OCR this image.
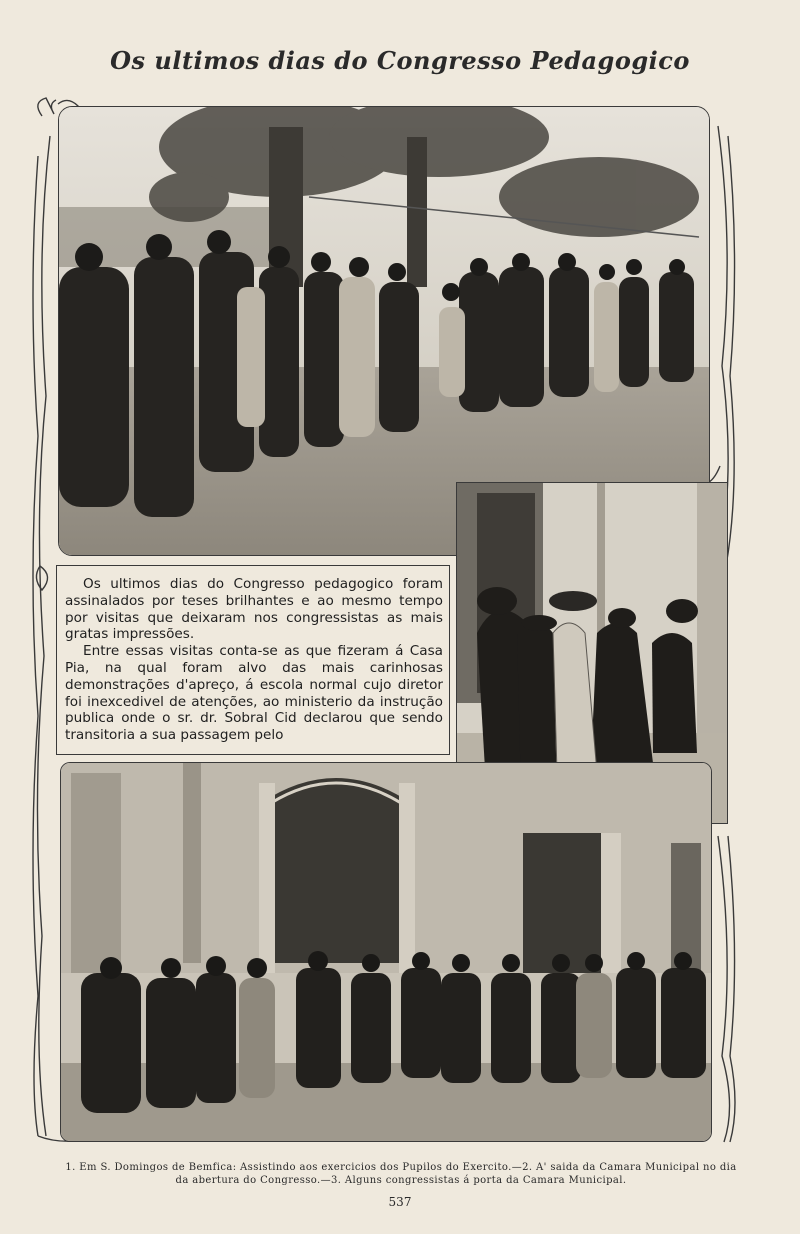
Os ultimos dias do Congresso Pedagogico

Os ultimos dias do Congresso pedagogico foram assinalados por teses brilhantes e ao mesmo tempo por visitas que deixaram nos congressistas as mais gratas impressões.

Entre essas visitas conta-se as que fizeram á Casa Pia, na qual foram alvo das mais carinhosas demonstrações d'apreço, á escola normal cujo diretor foi inexcedivel de atenções, ao ministerio da instrução publica onde o sr. dr. Sobral Cid declarou que sendo transitoria a sua passagem pelo

1. Em S. Domingos de Bemfica: Assistindo aos exercicios dos Pupilos do Exercito.—2. A' saida da Camara Municipal no dia
da abertura do Congresso.—3. Alguns congressistas á porta da Camara Municipal.
537
